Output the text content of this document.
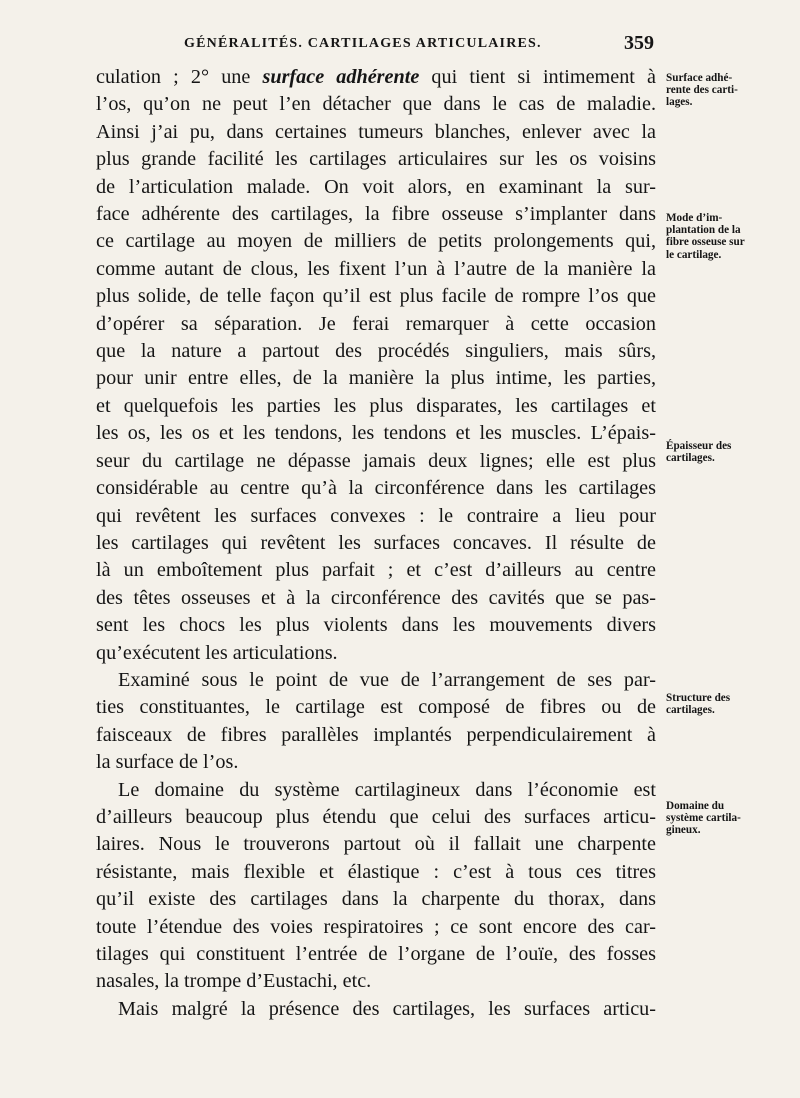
GÉNÉRALITÉS. CARTILAGES ARTICULAIRES.	359
culation ; 2° une surface adhérente qui tient si intimement à
l’os, qu’on ne peut l’en détacher que dans le cas de maladie.
Ainsi j’ai pu, dans certaines tumeurs blanches, enlever avec la
plus grande facilité les cartilages articulaires sur les os voisins
de l’articulation malade. On voit alors, en examinant la sur-
face adhérente des cartilages, la fibre osseuse s’implanter dans
ce cartilage au moyen de milliers de petits prolongements qui,
comme autant de clous, les fixent l’un à l’autre de la manière la
plus solide, de telle façon qu’il est plus facile de rompre l’os que
d’opérer sa séparation. Je ferai remarquer à cette occasion
que la nature a partout des procédés singuliers, mais sûrs,
pour unir entre elles, de la manière la plus intime, les parties,
et quelquefois les parties les plus disparates, les cartilages et
les os, les os et les tendons, les tendons et les muscles. L’épais-
seur du cartilage ne dépasse jamais deux lignes; elle est plus
considérable au centre qu’à la circonférence dans les cartilages
qui revêtent les surfaces convexes : le contraire a lieu pour
les cartilages qui revêtent les surfaces concaves. Il résulte de
là un emboîtement plus parfait ; et c’est d’ailleurs au centre
des têtes osseuses et à la circonférence des cavités que se pas-
sent les chocs les plus violents dans les mouvements divers
qu’exécutent les articulations.
Examiné sous le point de vue de l’arrangement de ses par-
ties constituantes, le cartilage est composé de fibres ou de
faisceaux de fibres parallèles implantés perpendiculairement à
la surface de l’os.
Le domaine du système cartilagineux dans l’économie est
d’ailleurs beaucoup plus étendu que celui des surfaces articu-
laires. Nous le trouverons partout où il fallait une charpente
résistante, mais flexible et élastique : c’est à tous ces titres
qu’il existe des cartilages dans la charpente du thorax, dans
toute l’étendue des voies respiratoires ; ce sont encore des car-
tilages qui constituent l’entrée de l’organe de l’ouïe, des fosses
nasales, la trompe d’Eustachi, etc.
Mais malgré la présence des cartilages, les surfaces articu-
Surface adhé-
rente des carti-
lages.
Mode d’im-
plantation de la
fibre osseuse sur
le cartilage.
Épaisseur des
cartilages.
Structure des
cartilages.
Domaine du
système cartila-
gineux.
